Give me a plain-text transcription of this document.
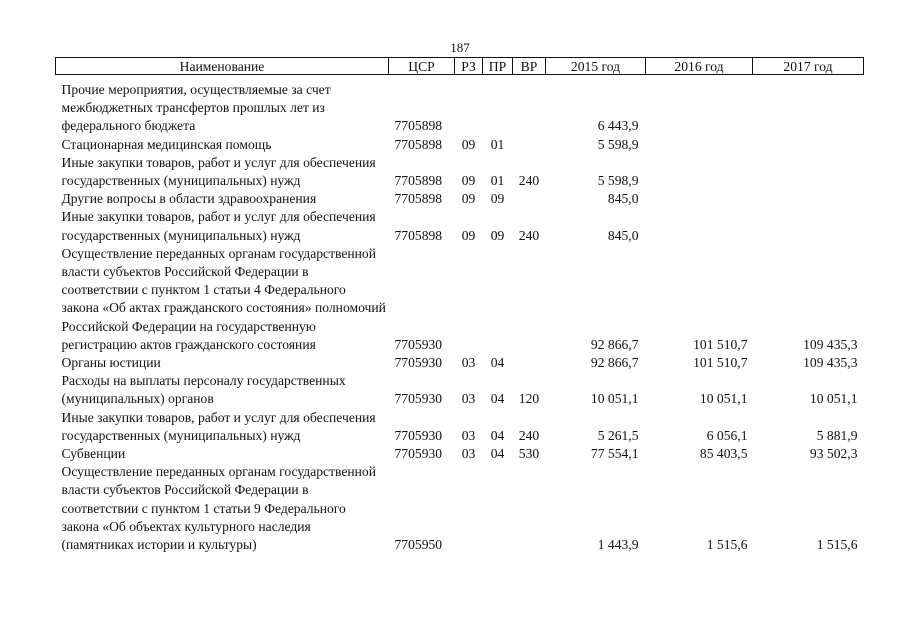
187
Наименование	ЦСР	РЗ	ПР	ВР	2015 год	2016 год	2017 год
Прочие мероприятия, осуществляемые за счет межбюджетных трансфертов прошлых лет из федерального бюджета	7705898				6 443,9		
Стационарная медицинская помощь	7705898	09	01		5 598,9		
Иные закупки товаров, работ и услуг для обеспечения государственных (муниципальных) нужд	7705898	09	01	240	5 598,9		
Другие вопросы в области здравоохранения	7705898	09	09		845,0		
Иные закупки товаров, работ и услуг для обеспечения государственных (муниципальных) нужд	7705898	09	09	240	845,0		
Осуществление переданных органам государственной власти субъектов Российской Федерации в соответствии с пунктом 1 статьи 4 Федерального закона «Об актах гражданского состояния» полномочий Российской Федерации на государственную регистрацию актов гражданского состояния	7705930				92 866,7	101 510,7	109 435,3
Органы юстиции	7705930	03	04		92 866,7	101 510,7	109 435,3
Расходы на выплаты персоналу государственных (муниципальных) органов	7705930	03	04	120	10 051,1	10 051,1	10 051,1
Иные закупки товаров, работ и услуг для обеспечения государственных (муниципальных) нужд	7705930	03	04	240	5 261,5	6 056,1	5 881,9
Субвенции	7705930	03	04	530	77 554,1	85 403,5	93 502,3
Осуществление переданных органам государственной власти субъектов Российской Федерации в соответствии с пунктом 1 статьи 9 Федерального закона «Об объектах культурного наследия (памятниках истории и культуры)	7705950				1 443,9	1 515,6	1 515,6
